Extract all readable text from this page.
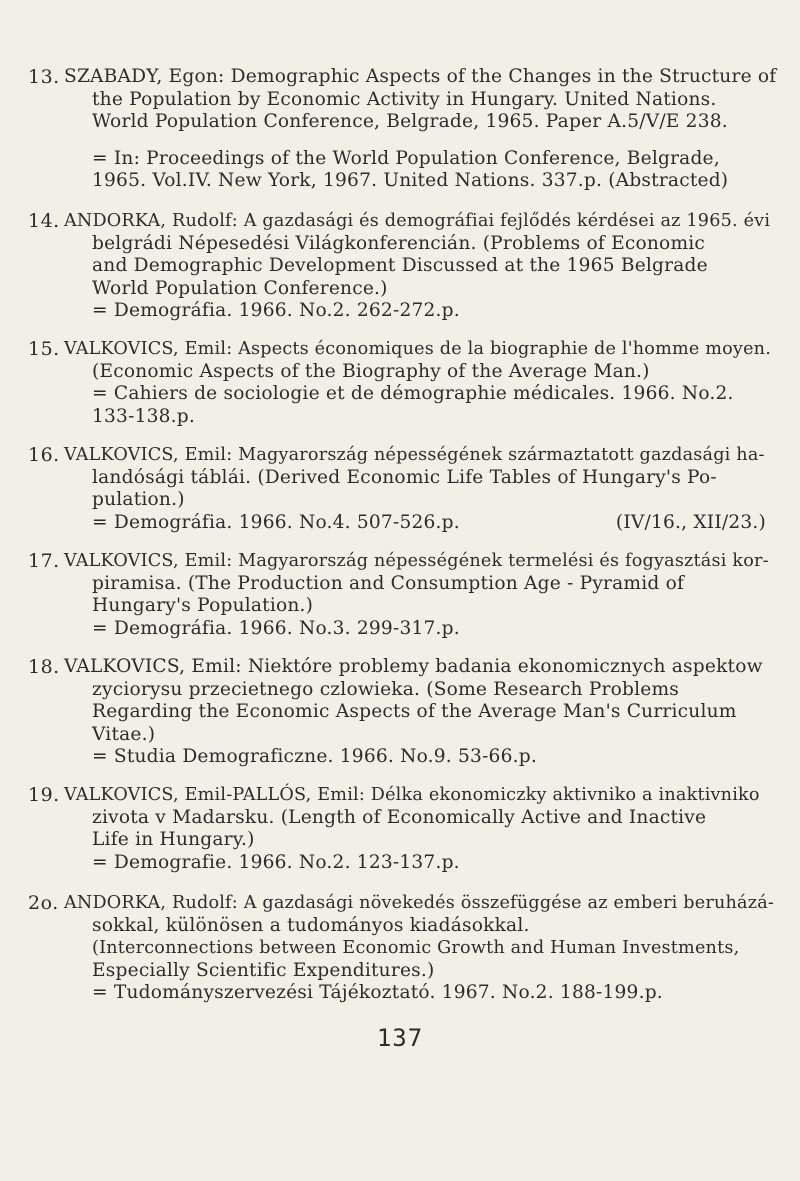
13. SZABADY, Egon: Demographic Aspects of the Changes in the Structure of
the Population by Economic Activity in Hungary. United Nations.
World Population Conference, Belgrade, 1965. Paper A.5/V/E 238.
= In: Proceedings of the World Population Conference, Belgrade,
1965. Vol.IV. New York, 1967. United Nations. 337.p. (Abstracted)
14. ANDORKA, Rudolf: A gazdasági és demográfiai fejlődés kérdései az 1965. évi
belgrádi Népesedési Világkonferencián. (Problems of Economic
and Demographic Development Discussed at the 1965 Belgrade
World Population Conference.)
= Demográfia. 1966. No.2. 262-272.p.
15. VALKOVICS, Emil: Aspects économiques de la biographie de l'homme moyen.
(Economic Aspects of the Biography of the Average Man.)
= Cahiers de sociologie et de démographie médicales. 1966. No.2.
133-138.p.
16. VALKOVICS, Emil: Magyarország népességének származtatott gazdasági ha-
landósági táblái. (Derived Economic Life Tables of Hungary's Po-
pulation.)
= Demográfia. 1966. No.4. 507-526.p.	(IV/16., XII/23.)
17. VALKOVICS, Emil: Magyarország népességének termelési és fogyasztási kor-
piramisa. (The Production and Consumption Age - Pyramid of
Hungary's Population.)
= Demográfia. 1966. No.3. 299-317.p.
18. VALKOVICS, Emil: Niektóre problemy badania ekonomicznych aspektow
zyciorysu przecietnego czlowieka. (Some Research Problems
Regarding the Economic Aspects of the Average Man's Curriculum
Vitae.)
= Studia Demograficzne. 1966. No.9. 53-66.p.
19. VALKOVICS, Emil-PALLÓS, Emil: Délka ekonomiczky aktivniko a inaktivniko
zivota v Madarsku. (Length of Economically Active and Inactive
Life in Hungary.)
= Demografie. 1966. No.2. 123-137.p.
2o. ANDORKA, Rudolf: A gazdasági növekedés összefüggése az emberi beruházá-
sokkal, különösen a tudományos kiadásokkal.
(Interconnections between Economic Growth and Human Investments,
Especially Scientific Expenditures.)
= Tudományszervezési Tájékoztató. 1967. No.2. 188-199.p.
137
